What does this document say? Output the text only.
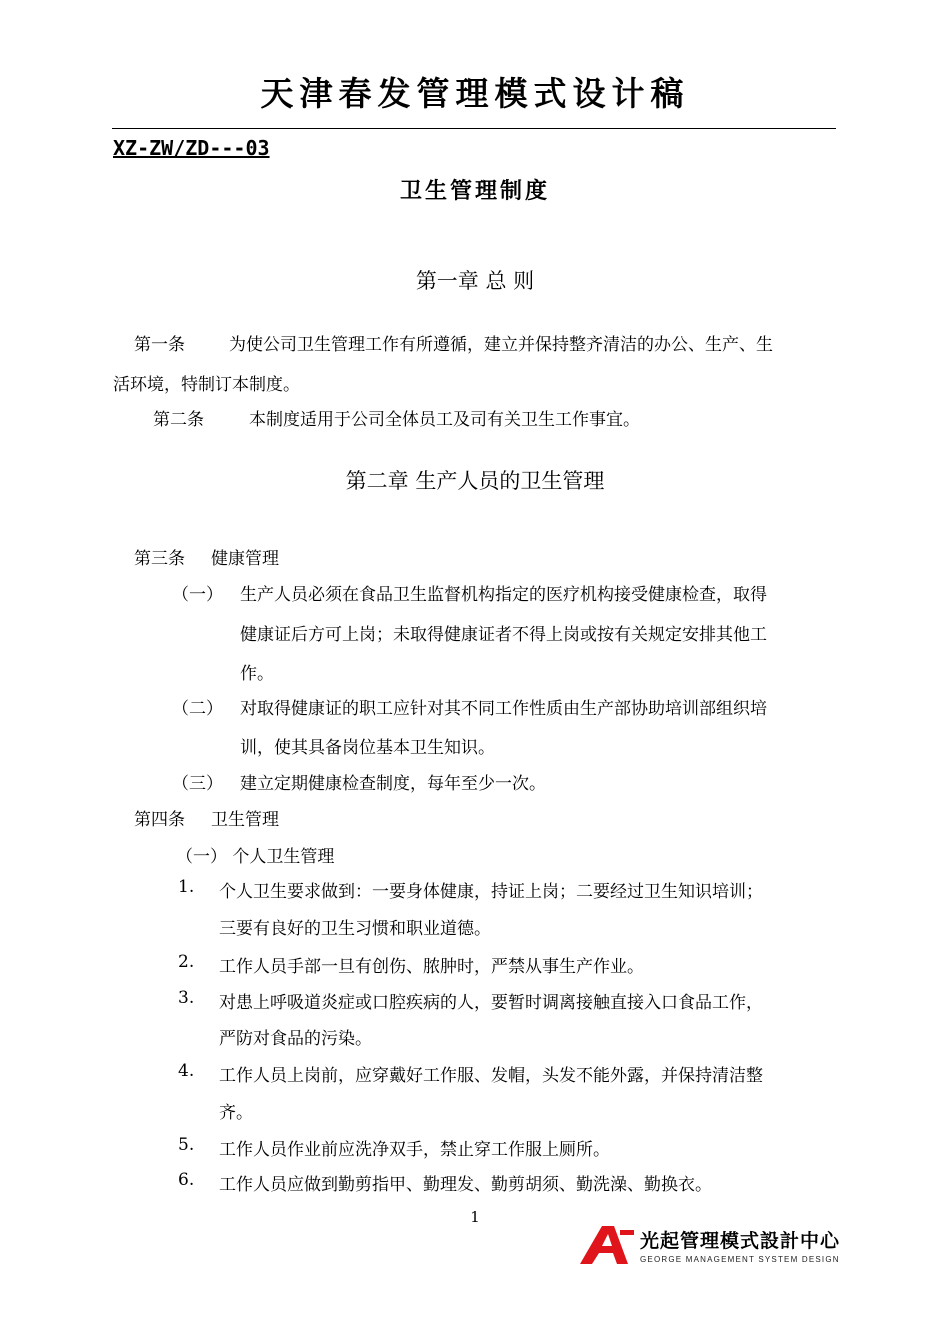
天津春发管理模式设计稿
XZ-ZW/ZD---03
卫生管理制度
第一章 总 则
第一条	为使公司卫生管理工作有所遵循，建立并保持整齐清洁的办公、生产、生
活环境，特制订本制度。
第二条	本制度适用于公司全体员工及司有关卫生工作事宜。
第二章 生产人员的卫生管理
第三条 健康管理
（一） 生产人员必须在食品卫生监督机构指定的医疗机构接受健康检查，取得
健康证后方可上岗；未取得健康证者不得上岗或按有关规定安排其他工
作。
（二） 对取得健康证的职工应针对其不同工作性质由生产部协助培训部组织培
训，使其具备岗位基本卫生知识。
（三） 建立定期健康检查制度，每年至少一次。
第四条 卫生管理
（一） 个人卫生管理
1. 个人卫生要求做到：一要身体健康，持证上岗；二要经过卫生知识培训；
三要有良好的卫生习惯和职业道德。
2. 工作人员手部一旦有创伤、脓肿时，严禁从事生产作业。
3. 对患上呼吸道炎症或口腔疾病的人，要暂时调离接触直接入口食品工作，
严防对食品的污染。
4. 工作人员上岗前，应穿戴好工作服、发帽，头发不能外露，并保持清洁整
齐。
5. 工作人员作业前应洗净双手，禁止穿工作服上厕所。
6. 工作人员应做到勤剪指甲、勤理发、勤剪胡须、勤洗澡、勤换衣。
1
光起管理模式設計中心
GEORGE MANAGEMENT SYSTEM DESIGN
